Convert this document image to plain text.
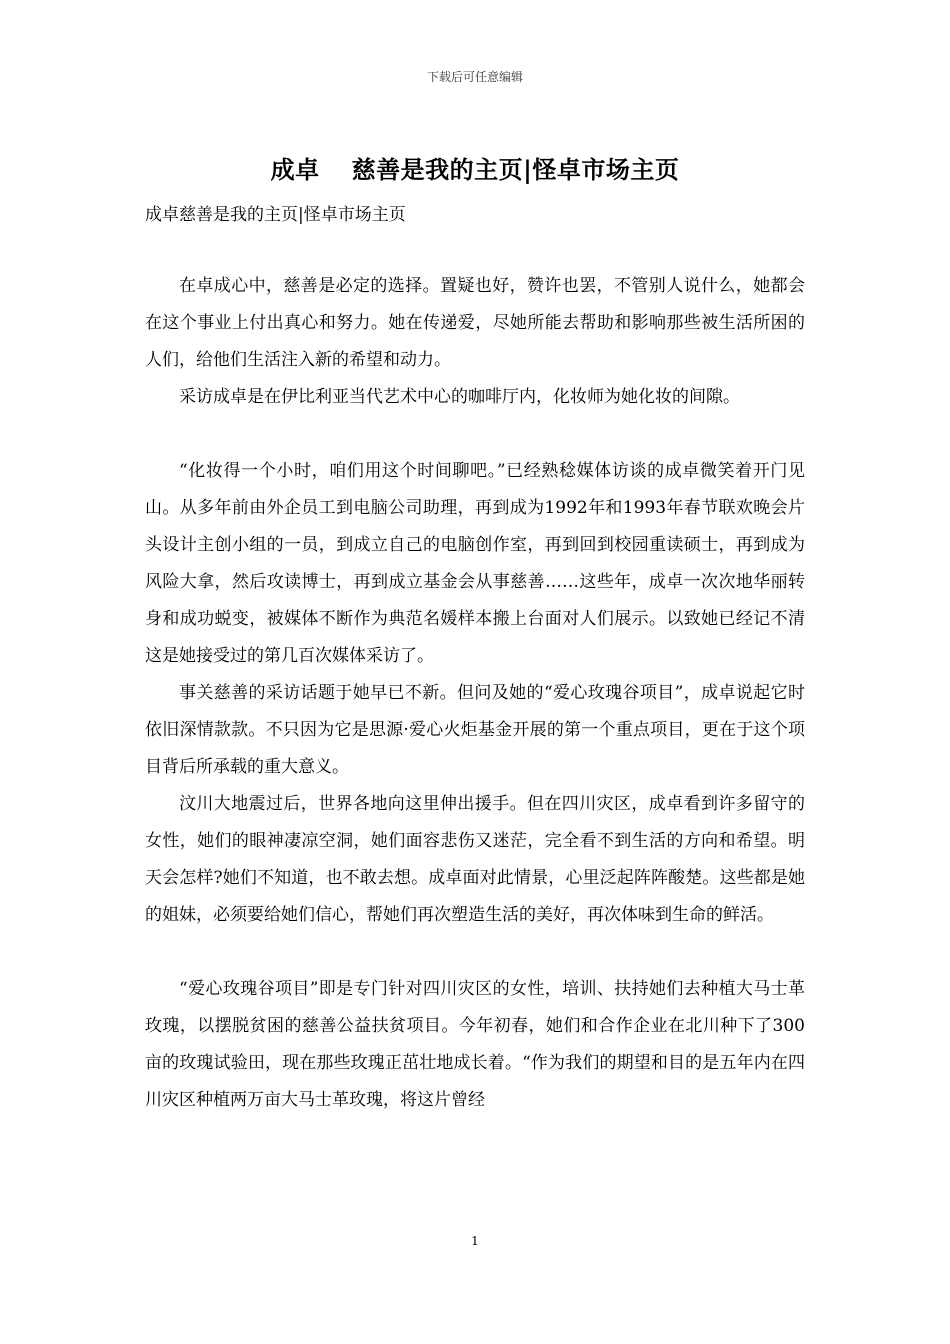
下载后可任意编辑
成卓 慈善是我的主页|怪卓市场主页
成卓慈善是我的主页|怪卓市场主页

在卓成心中，慈善是必定的选择。置疑也好，赞许也罢，不管别人说什么，她都会在这个事业上付出真心和努力。她在传递爱，尽她所能去帮助和影响那些被生活所困的人们，给他们生活注入新的希望和动力。

采访成卓是在伊比利亚当代艺术中心的咖啡厅内，化妆师为她化妆的间隙。

“化妆得一个小时，咱们用这个时间聊吧。”已经熟稔媒体访谈的成卓微笑着开门见山。从多年前由外企员工到电脑公司助理，再到成为1992年和1993年春节联欢晚会片头设计主创小组的一员，到成立自己的电脑创作室，再到回到校园重读硕士，再到成为风险大拿，然后攻读博士，再到成立基金会从事慈善……这些年，成卓一次次地华丽转身和成功蜕变，被媒体不断作为典范名媛样本搬上台面对人们展示。以致她已经记不清这是她接受过的第几百次媒体采访了。

事关慈善的采访话题于她早已不新。但问及她的“爱心玫瑰谷项目”，成卓说起它时依旧深情款款。不只因为它是思源·爱心火炬基金开展的第一个重点项目，更在于这个项目背后所承载的重大意义。

汶川大地震过后，世界各地向这里伸出援手。但在四川灾区，成卓看到许多留守的女性，她们的眼神凄凉空洞，她们面容悲伤又迷茫，完全看不到生活的方向和希望。明天会怎样?她们不知道，也不敢去想。成卓面对此情景，心里泛起阵阵酸楚。这些都是她的姐妹，必须要给她们信心，帮她们再次塑造生活的美好，再次体味到生命的鲜活。

“爱心玫瑰谷项目”即是专门针对四川灾区的女性，培训、扶持她们去种植大马士革玫瑰，以摆脱贫困的慈善公益扶贫项目。今年初春，她们和合作企业在北川种下了300亩的玫瑰试验田，现在那些玫瑰正茁壮地成长着。“作为我们的期望和目的是五年内在四川灾区种植两万亩大马士革玫瑰，将这片曾经

1
